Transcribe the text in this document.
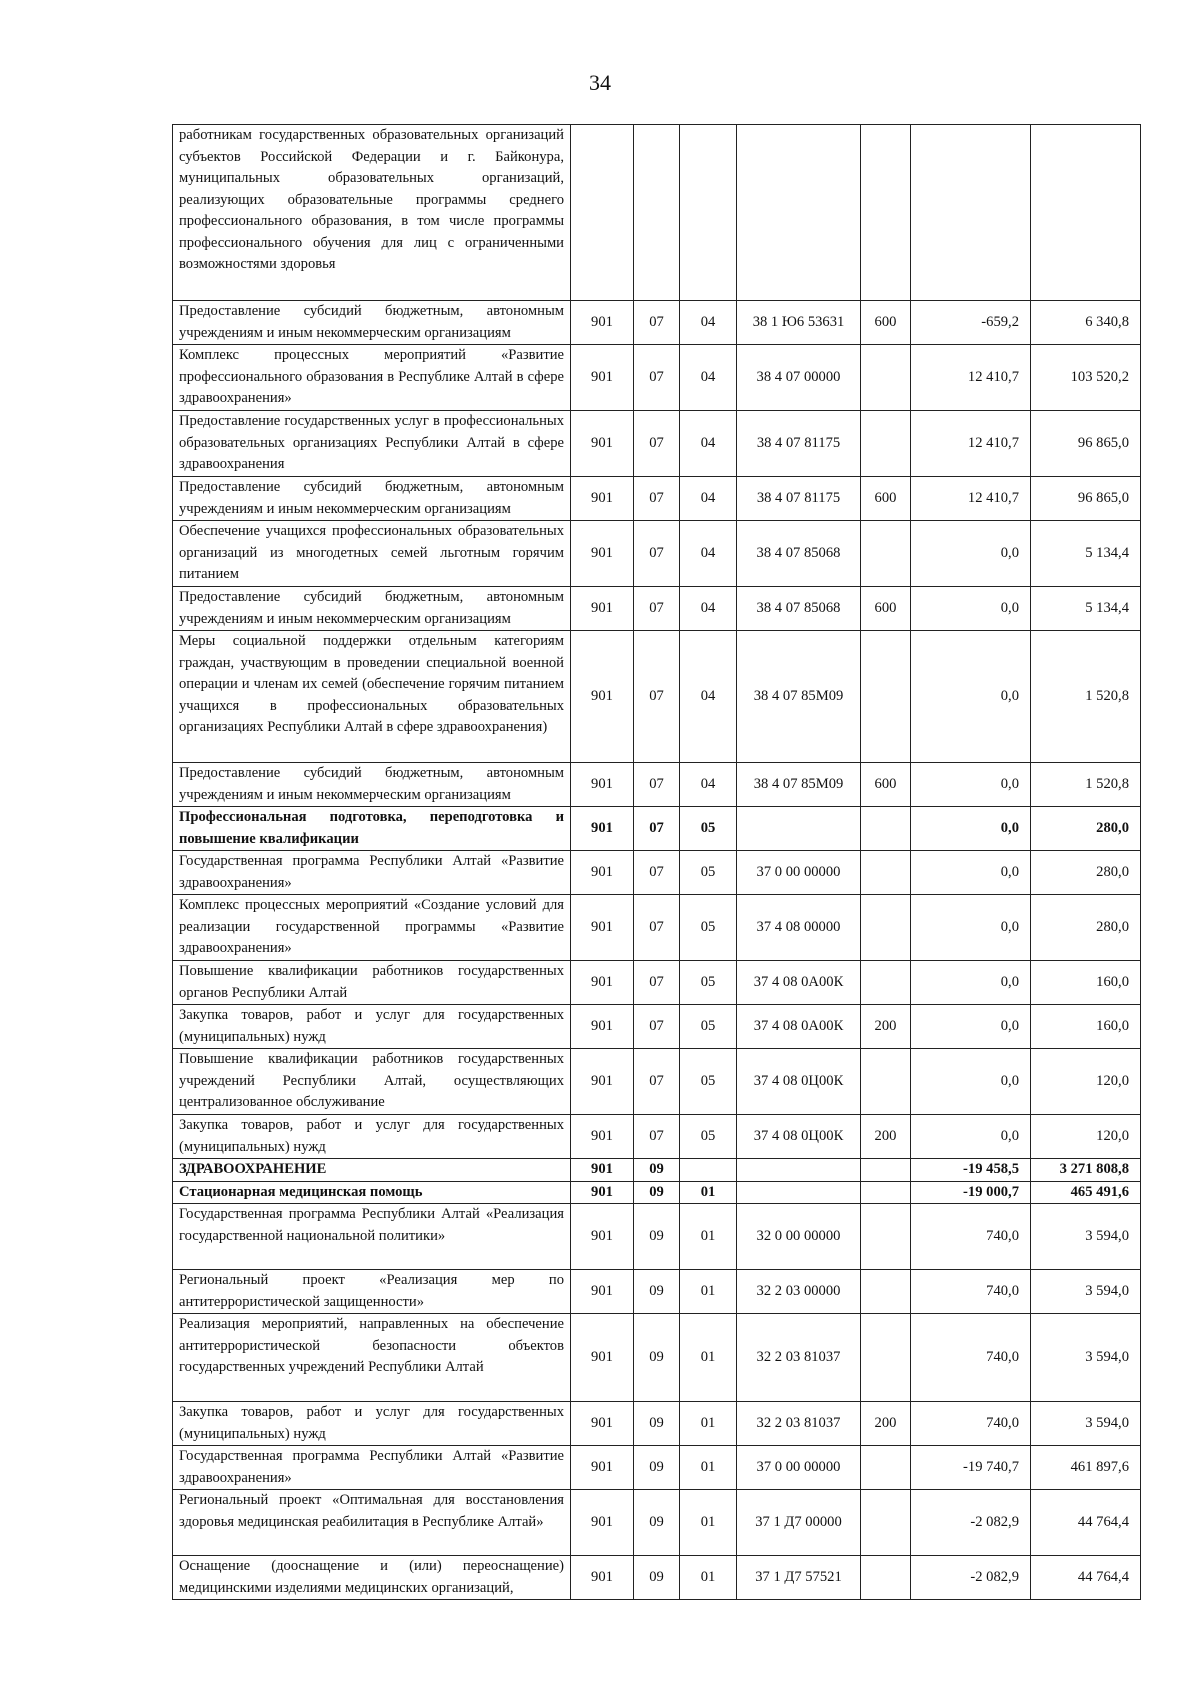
34
работникам государственных образовательных организаций субъектов Российской Федерации и г. Байконура, муниципальных образовательных организаций, реализующих образовательные программы среднего профессионального образования, в том числе программы профессионального обучения для лиц с ограниченными возможностями здоровья							
Предоставление субсидий бюджетным, автономным учреждениям и иным некоммерческим организациям	901	07	04	38 1 Ю6 53631	600	-659,2	6 340,8
Комплекс процессных мероприятий «Развитие профессионального образования в Республике Алтай в сфере здравоохранения»	901	07	04	38 4 07 00000		12 410,7	103 520,2
Предоставление государственных услуг в профессиональных образовательных организациях Республики Алтай в сфере здравоохранения	901	07	04	38 4 07 81175		12 410,7	96 865,0
Предоставление субсидий бюджетным, автономным учреждениям и иным некоммерческим организациям	901	07	04	38 4 07 81175	600	12 410,7	96 865,0
Обеспечение учащихся профессиональных образовательных организаций из многодетных семей льготным горячим питанием	901	07	04	38 4 07 85068		0,0	5 134,4
Предоставление субсидий бюджетным, автономным учреждениям и иным некоммерческим организациям	901	07	04	38 4 07 85068	600	0,0	5 134,4
Меры социальной поддержки отдельным категориям граждан, участвующим в проведении специальной военной операции и членам их семей (обеспечение горячим питанием учащихся в профессиональных образовательных организациях Республики Алтай в сфере здравоохранения)	901	07	04	38 4 07 85М09		0,0	1 520,8
Предоставление субсидий бюджетным, автономным учреждениям и иным некоммерческим организациям	901	07	04	38 4 07 85М09	600	0,0	1 520,8
Профессиональная подготовка, переподготовка и повышение квалификации	901	07	05			0,0	280,0
Государственная программа Республики Алтай «Развитие здравоохранения»	901	07	05	37 0 00 00000		0,0	280,0
Комплекс процессных мероприятий «Создание условий для реализации государственной программы «Развитие здравоохранения»	901	07	05	37 4 08 00000		0,0	280,0
Повышение квалификации работников государственных органов Республики Алтай	901	07	05	37 4 08 0А00К		0,0	160,0
Закупка товаров, работ и услуг для государственных (муниципальных) нужд	901	07	05	37 4 08 0А00К	200	0,0	160,0
Повышение квалификации работников государственных учреждений Республики Алтай, осуществляющих централизованное обслуживание	901	07	05	37 4 08 0Ц00К		0,0	120,0
Закупка товаров, работ и услуг для государственных (муниципальных) нужд	901	07	05	37 4 08 0Ц00К	200	0,0	120,0
ЗДРАВООХРАНЕНИЕ	901	09				-19 458,5	3 271 808,8
Стационарная медицинская помощь	901	09	01			-19 000,7	465 491,6
Государственная программа Республики Алтай «Реализация государственной национальной политики»	901	09	01	32 0 00 00000		740,0	3 594,0
Региональный проект «Реализация мер по антитеррористической защищенности»	901	09	01	32 2 03 00000		740,0	3 594,0
Реализация мероприятий, направленных на обеспечение антитеррористической безопасности объектов государственных учреждений Республики Алтай	901	09	01	32 2 03 81037		740,0	3 594,0
Закупка товаров, работ и услуг для государственных (муниципальных) нужд	901	09	01	32 2 03 81037	200	740,0	3 594,0
Государственная программа Республики Алтай «Развитие здравоохранения»	901	09	01	37 0 00 00000		-19 740,7	461 897,6
Региональный проект «Оптимальная для восстановления здоровья медицинская реабилитация в Республике Алтай»	901	09	01	37 1 Д7 00000		-2 082,9	44 764,4
Оснащение (дооснащение и (или) переоснащение) медицинскими изделиями медицинских организаций,	901	09	01	37 1 Д7 57521		-2 082,9	44 764,4
